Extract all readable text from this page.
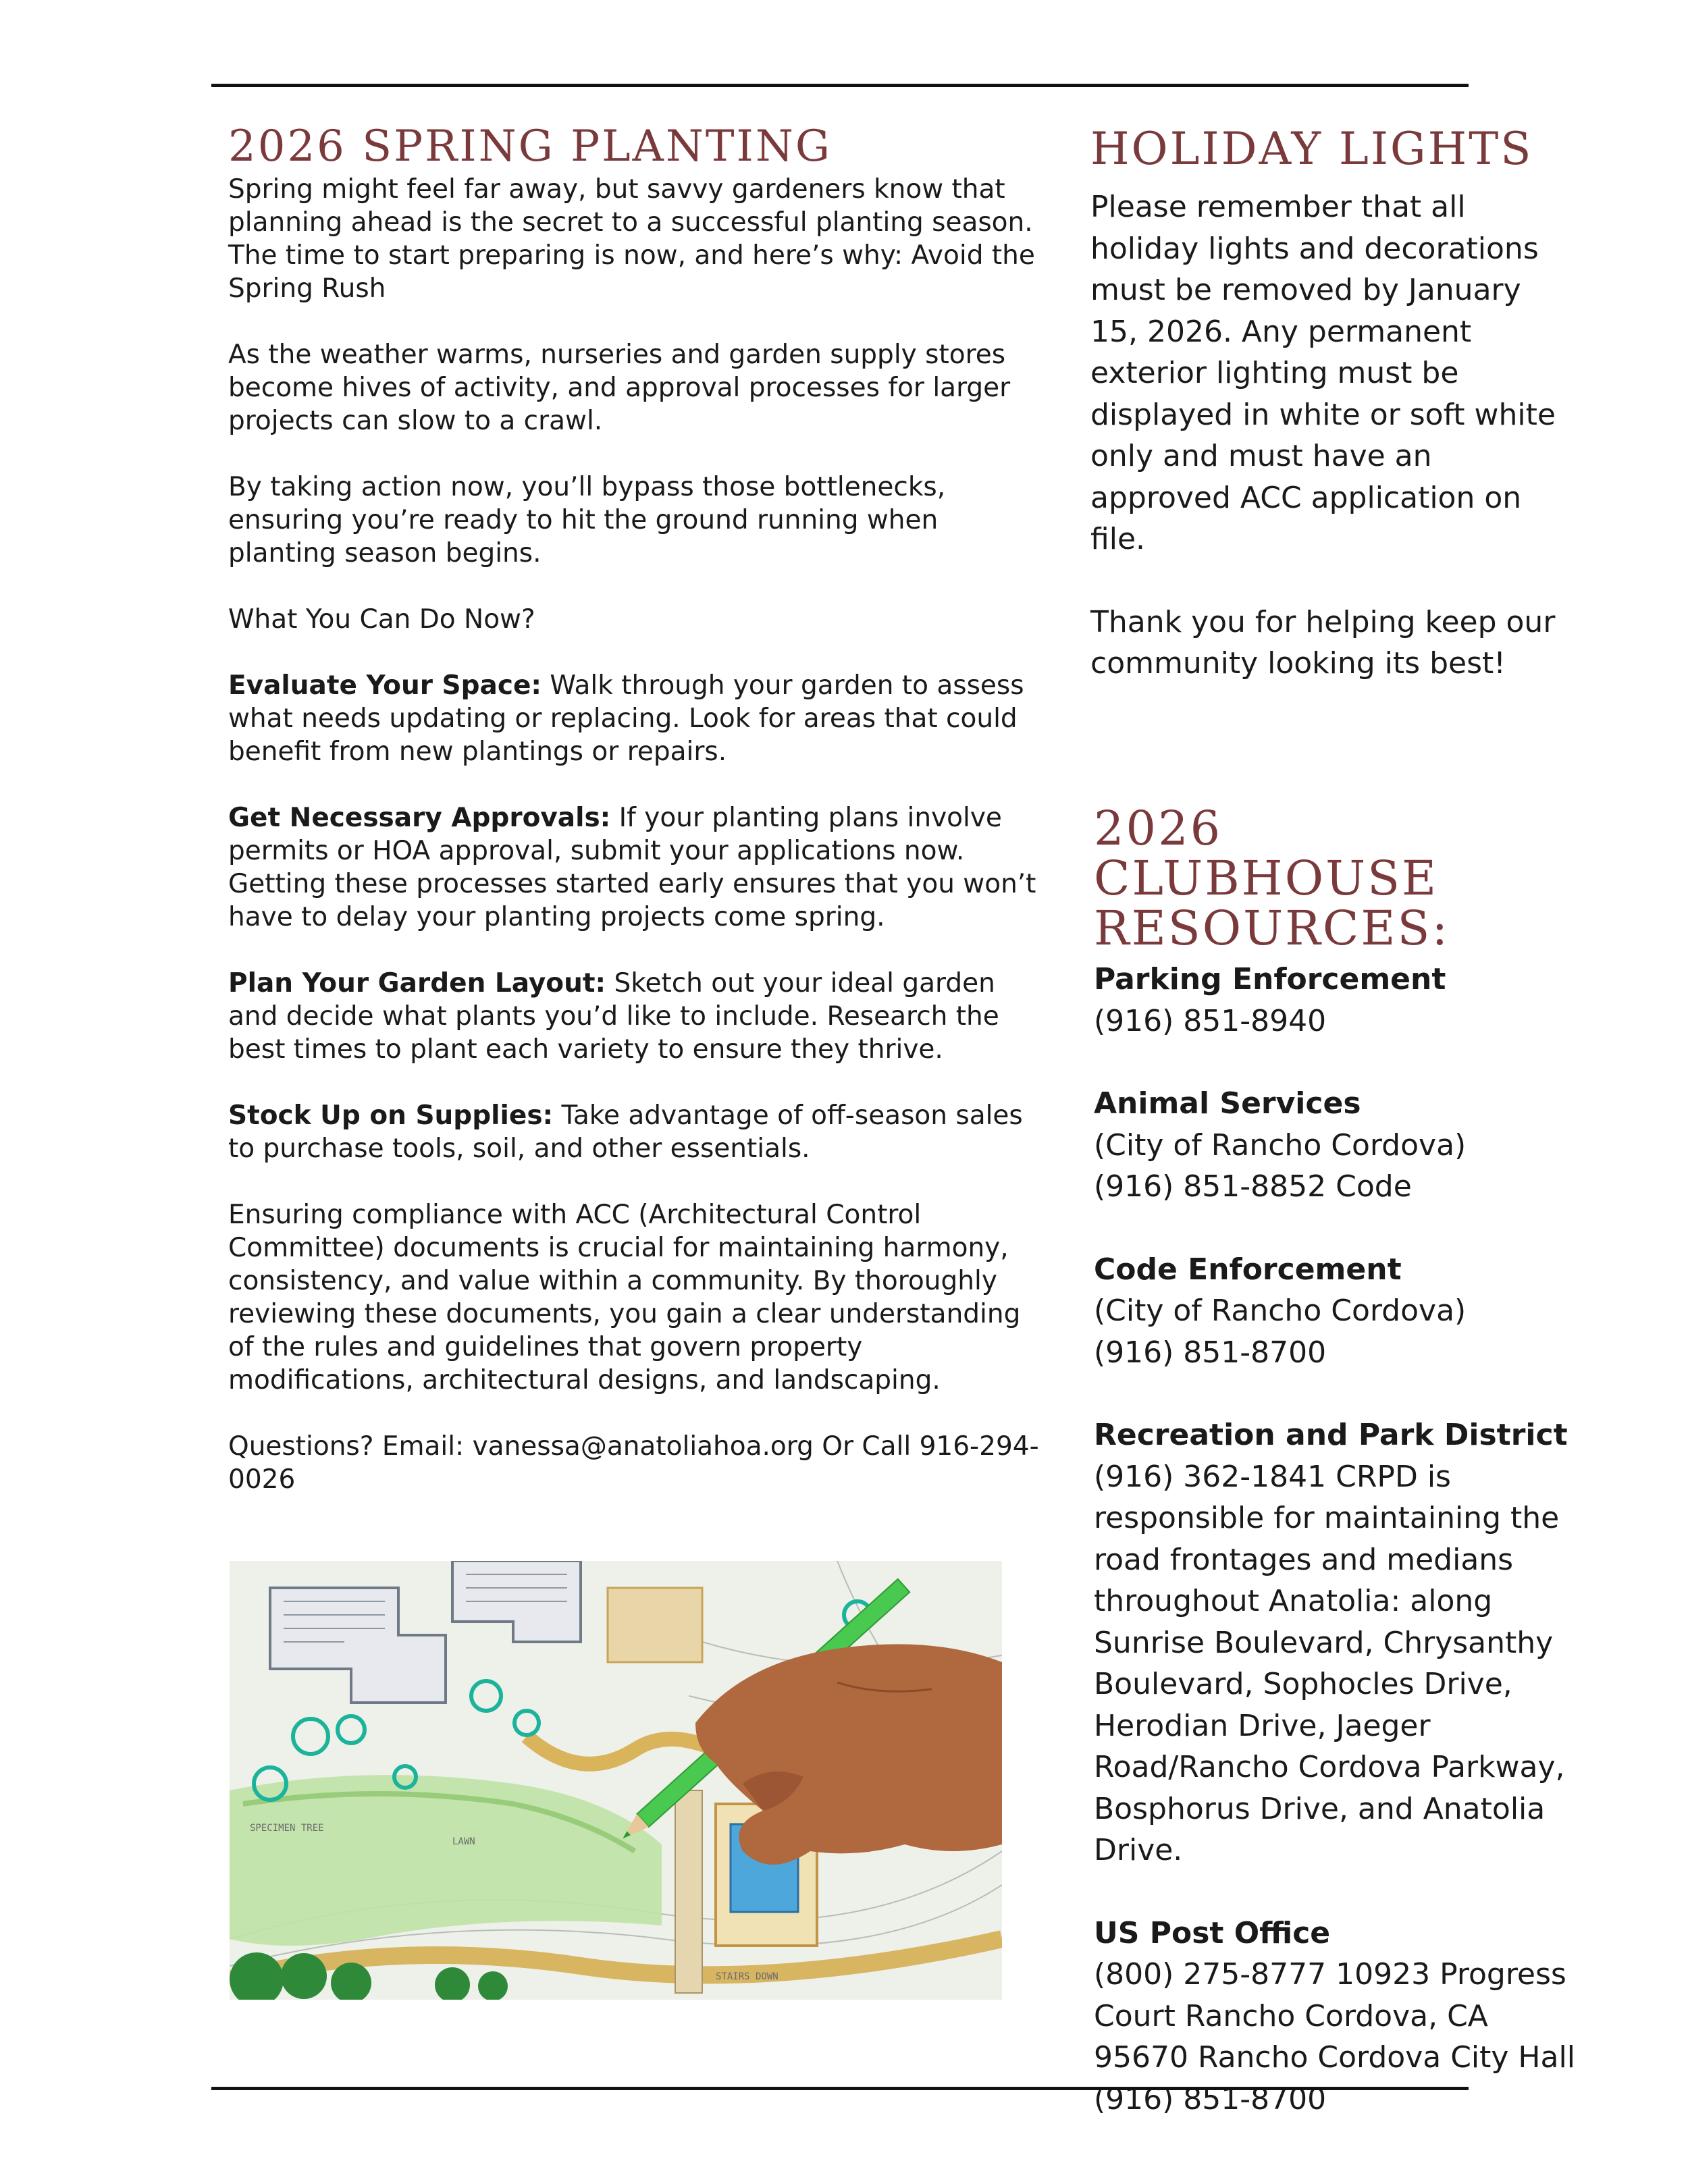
2026 SPRING PLANTING

Spring might feel far away, but savvy gardeners know that planning ahead is the secret to a successful planting season. The time to start preparing is now, and here’s why: Avoid the Spring Rush

As the weather warms, nurseries and garden supply stores become hives of activity, and approval processes for larger projects can slow to a crawl.

By taking action now, you’ll bypass those bottlenecks, ensuring you’re ready to hit the ground running when planting season begins.

What You Can Do Now?

Evaluate Your Space: Walk through your garden to assess what needs updating or replacing. Look for areas that could benefit from new plantings or repairs.

Get Necessary Approvals: If your planting plans involve permits or HOA approval, submit your applications now. Getting these processes started early ensures that you won’t have to delay your planting projects come spring.

Plan Your Garden Layout: Sketch out your ideal garden and decide what plants you’d like to include. Research the best times to plant each variety to ensure they thrive.

Stock Up on Supplies: Take advantage of off-season sales to purchase tools, soil, and other essentials.

Ensuring compliance with ACC (Architectural Control Committee) documents is crucial for maintaining harmony, consistency, and value within a community. By thoroughly reviewing these documents, you gain a clear understanding of the rules and guidelines that govern property modifications, architectural designs, and landscaping.

Questions? Email: vanessa@anatoliahoa.org Or Call 916-294-0026

SPECIMEN TREE
LAWN
STAIRS DOWN
HOLIDAY LIGHTS

Please remember that all holiday lights and decorations must be removed by January 15, 2026. Any permanent exterior lighting must be displayed in white or soft white only and must have an approved ACC application on file.

Thank you for helping keep our community looking its best!

2026 CLUBHOUSE RESOURCES:
Parking Enforcement
(916) 851-8940
Animal Services
(City of Rancho Cordova)
(916) 851-8852 Code
Code Enforcement
(City of Rancho Cordova)
(916) 851-8700
Recreation and Park District
(916) 362-1841 CRPD is responsible for maintaining the road frontages and medians throughout Anatolia: along Sunrise Boulevard, Chrysanthy Boulevard, Sophocles Drive, Herodian Drive, Jaeger Road/Rancho Cordova Parkway, Bosphorus Drive, and Anatolia Drive.
US Post Office
(800) 275-8777 10923 Progress Court Rancho Cordova, CA 95670 Rancho Cordova City Hall (916) 851-8700
